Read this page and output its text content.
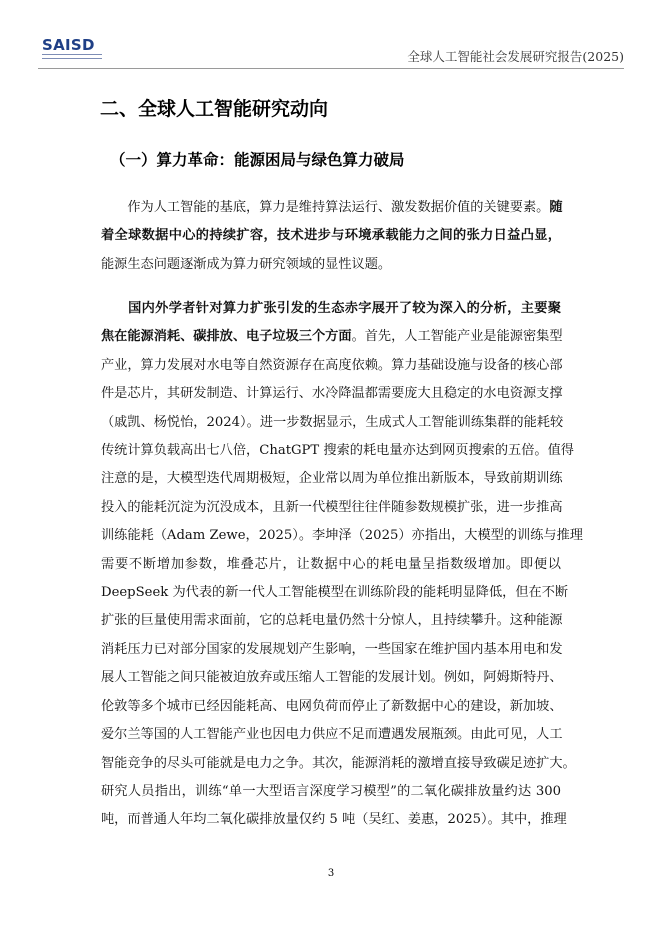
SAISD
全球人工智能社会发展研究报告(2025)
二、全球人工智能研究动向
（一）算力革命：能源困局与绿色算力破局
　　作为人工智能的基底，算力是维持算法运行、激发数据价值的关键要素。随
着全球数据中心的持续扩容，技术进步与环境承载能力之间的张力日益凸显，
能源生态问题逐渐成为算力研究领域的显性议题。
　　国内外学者针对算力扩张引发的生态赤字展开了较为深入的分析，主要聚
焦在能源消耗、碳排放、电子垃圾三个方面。首先，人工智能产业是能源密集型
产业，算力发展对水电等自然资源存在高度依赖。算力基础设施与设备的核心部
件是芯片，其研发制造、计算运行、水冷降温都需要庞大且稳定的水电资源支撑
（戚凯、杨悦怡，2024）。进一步数据显示，生成式人工智能训练集群的能耗较
传统计算负载高出七八倍，ChatGPT 搜索的耗电量亦达到网页搜索的五倍。值得
注意的是，大模型迭代周期极短，企业常以周为单位推出新版本，导致前期训练
投入的能耗沉淀为沉没成本，且新一代模型往往伴随参数规模扩张，进一步推高
训练能耗（Adam Zewe，2025）。李坤泽（2025）亦指出，大模型的训练与推理
需要不断增加参数，堆叠芯片，让数据中心的耗电量呈指数级增加。即便以
DeepSeek 为代表的新一代人工智能模型在训练阶段的能耗明显降低，但在不断
扩张的巨量使用需求面前，它的总耗电量仍然十分惊人，且持续攀升。这种能源
消耗压力已对部分国家的发展规划产生影响，一些国家在维护国内基本用电和发
展人工智能之间只能被迫放弃或压缩人工智能的发展计划。例如，阿姆斯特丹、
伦敦等多个城市已经因能耗高、电网负荷而停止了新数据中心的建设，新加坡、
爱尔兰等国的人工智能产业也因电力供应不足而遭遇发展瓶颈。由此可见，人工
智能竞争的尽头可能就是电力之争。其次，能源消耗的激增直接导致碳足迹扩大。
研究人员指出，训练“单一大型语言深度学习模型”的二氧化碳排放量约达 300
吨，而普通人年均二氧化碳排放量仅约 5 吨（吴红、姜惠，2025）。其中，推理
3
